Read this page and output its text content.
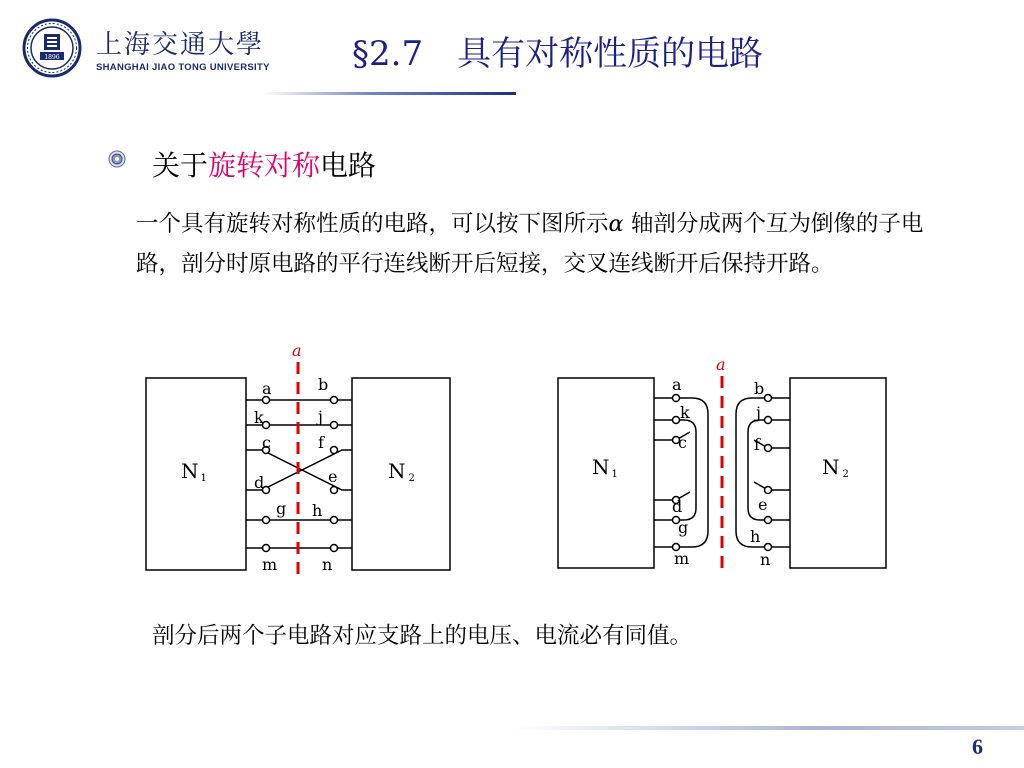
1896 上海交通大學
SHANGHAI JIAO TONG UNIVERSITY §2.7　具有对称性质的电路
关于旋转对称电路
一个具有旋转对称性质的电路，可以按下图所示α 轴剖分成两个互为倒像的子电路，剖分时原电路的平行连线断开后短接，交叉连线断开后保持开路。
a
a
k
c
d
g
m
b
j
f
e
h
n
N 1	N 2
a
a
k
c
d
g
m
b
j
f
e
h
n
N 1	N 2
剖分后两个子电路对应支路上的电压、电流必有同值。
6
